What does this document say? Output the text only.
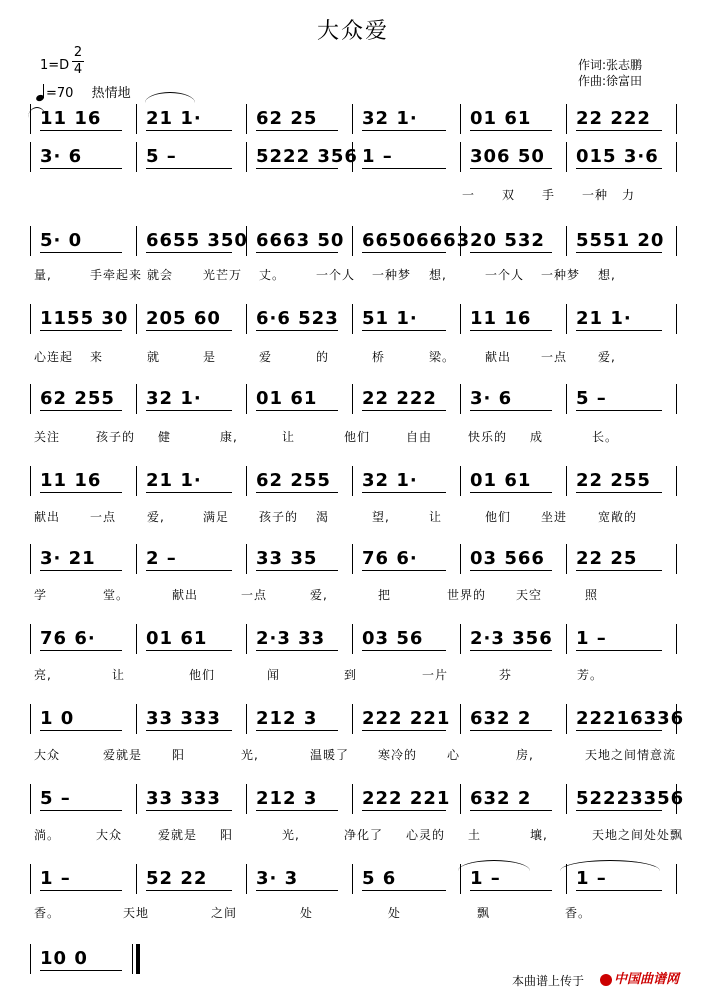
大众爱
作词:张志鹏
作曲:徐富田
1=D
2
4
=70 热情地
11 16 21 1·	62 25 32 1·	01 61 22 222
3· 6	5 –	5222 356 1 –	306 50 015 3·6
一 双 手 一种 力
5· 0	6655 350 6663 50 66506663 20 532 5551 20
量,	手牵起来 就会 光芒万 丈。	一个人 一种梦 想,	一个人 一种梦 想,
1155 30 205 60 6·6 523 51 1·	11 16 21 1·
心连起 来	就	是	爱	的	桥	梁。 献出 一点	爱,
62 255 32 1·	01 61 22 222 3· 6	5 –
关注	孩子的 健	康,	让	他们	自由	快乐的 成	长。
11 16 21 1·	62 255 32 1·	01 61 22 255
献出 一点	爱,	满足 孩子的 渴	望,	让	他们 坐进	宽敞的
3· 21	2 –	33 35 76 6·	03 566 22 25
学	堂。	献出	一点	爱,	把	世界的 天空	照
76 6·	01 61	2·3 33 03 56	2·3 356 1 –
亮,	让	他们	闻	到	一片	芬	芳。
1 0	33 333 212 3 222 221 632 2 22216336
大众	爱就是 阳	光,	温暖了 寒冷的 心	房,	天地之间情意流
5 –	33 333 212 3 222 221 632 2 52223356
淌。	大众	爱就是 阳	光,	净化了 心灵的 土	壤,	天地之间处处飘
1 –	52 22	3· 3	5 6	1 –	1 –
香。	天地	之间	处	处	飘	香。
10 0
本曲谱上传于	中国曲谱网
